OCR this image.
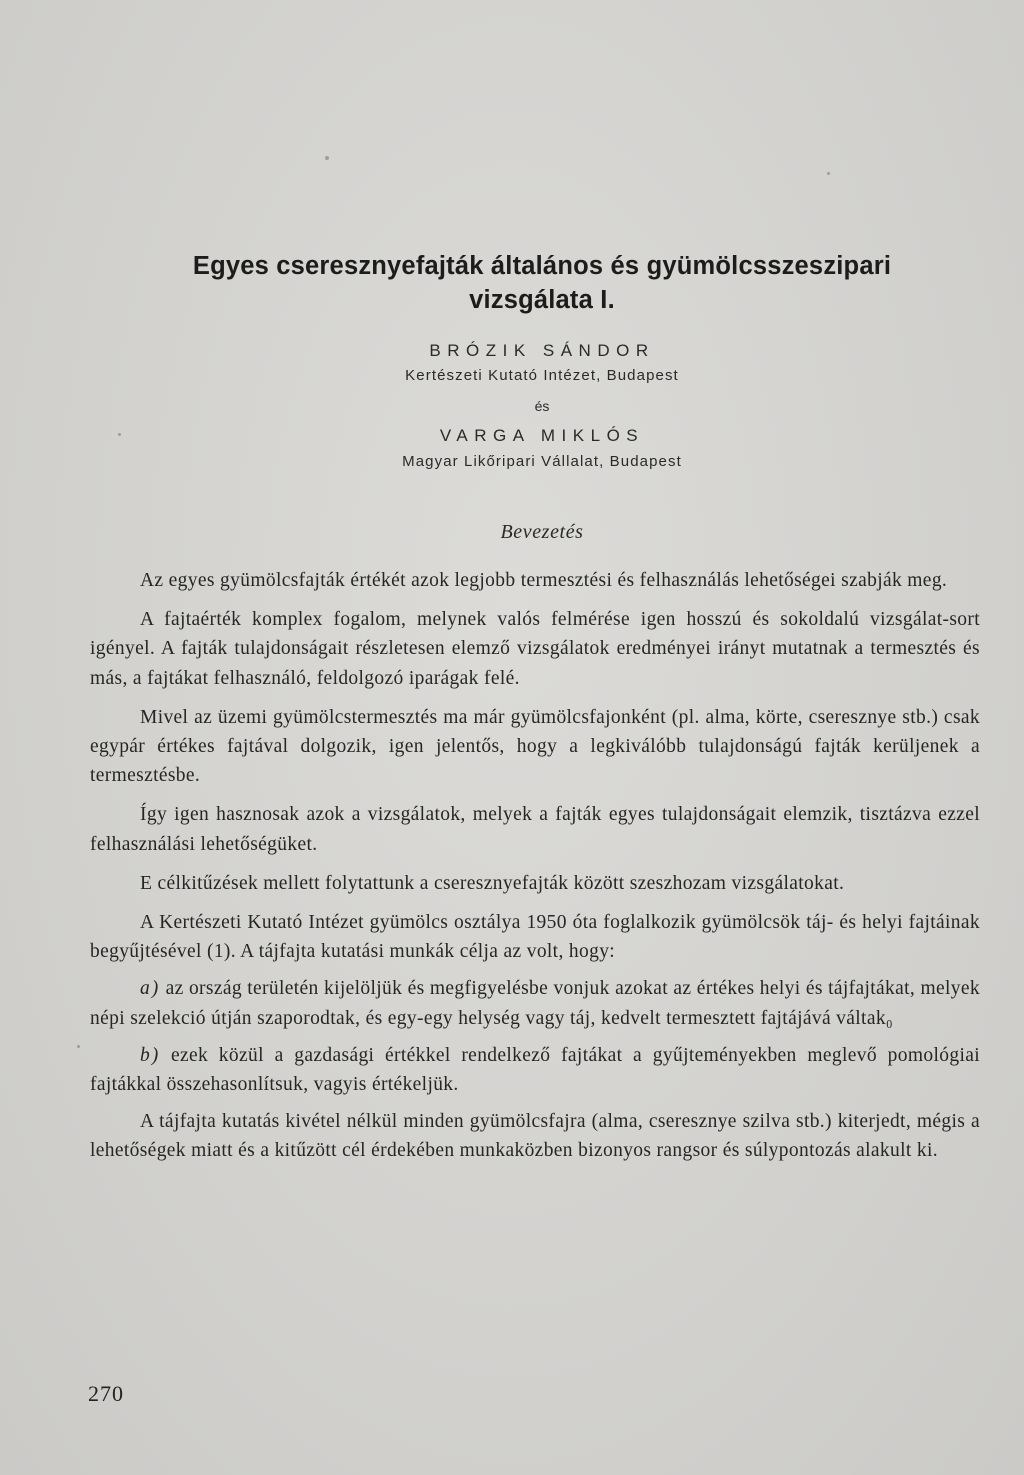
Egyes cseresznyefajták általános és gyümölcsszeszipari
vizsgálata I.
BRÓZIK SÁNDOR
Kertészeti Kutató Intézet, Budapest
és
VARGA MIKLÓS
Magyar Likőripari Vállalat, Budapest
Bevezetés

Az egyes gyümölcsfajták értékét azok legjobb termesztési és felhasználás lehetőségei szabják meg.

A fajtaérték komplex fogalom, melynek valós felmérése igen hosszú és sokoldalú vizsgálat-sort igényel. A fajták tulajdonságait részletesen elemző vizsgálatok eredményei irányt mutatnak a termesztés és más, a fajtákat felhasználó, feldolgozó iparágak felé.

Mivel az üzemi gyümölcstermesztés ma már gyümölcsfajonként (pl. alma, körte, cseresznye stb.) csak egypár értékes fajtával dolgozik, igen jelentős, hogy a legkiválóbb tulajdonságú fajták kerüljenek a termesztésbe.

Így igen hasznosak azok a vizsgálatok, melyek a fajták egyes tulajdonságait elemzik, tisztázva ezzel felhasználási lehetőségüket.

E célkitűzések mellett folytattunk a cseresznyefajták között szeszhozam vizsgálatokat.

A Kertészeti Kutató Intézet gyümölcs osztálya 1950 óta foglalkozik gyümölcsök táj- és helyi fajtáinak begyűjtésével (1). A tájfajta kutatási munkák célja az volt, hogy:

a) az ország területén kijelöljük és megfigyelésbe vonjuk azokat az értékes helyi és tájfajtákat, melyek népi szelekció útján szaporodtak, és egy-egy helység vagy táj, kedvelt termesztett fajtájává váltak₀

b) ezek közül a gazdasági értékkel rendelkező fajtákat a gyűjteményekben meglevő pomológiai fajtákkal összehasonlítsuk, vagyis értékeljük.

A tájfajta kutatás kivétel nélkül minden gyümölcsfajra (alma, cseresznye szilva stb.) kiterjedt, mégis a lehetőségek miatt és a kitűzött cél érdekében munkaközben bizonyos rangsor és súlypontozás alakult ki.

270
